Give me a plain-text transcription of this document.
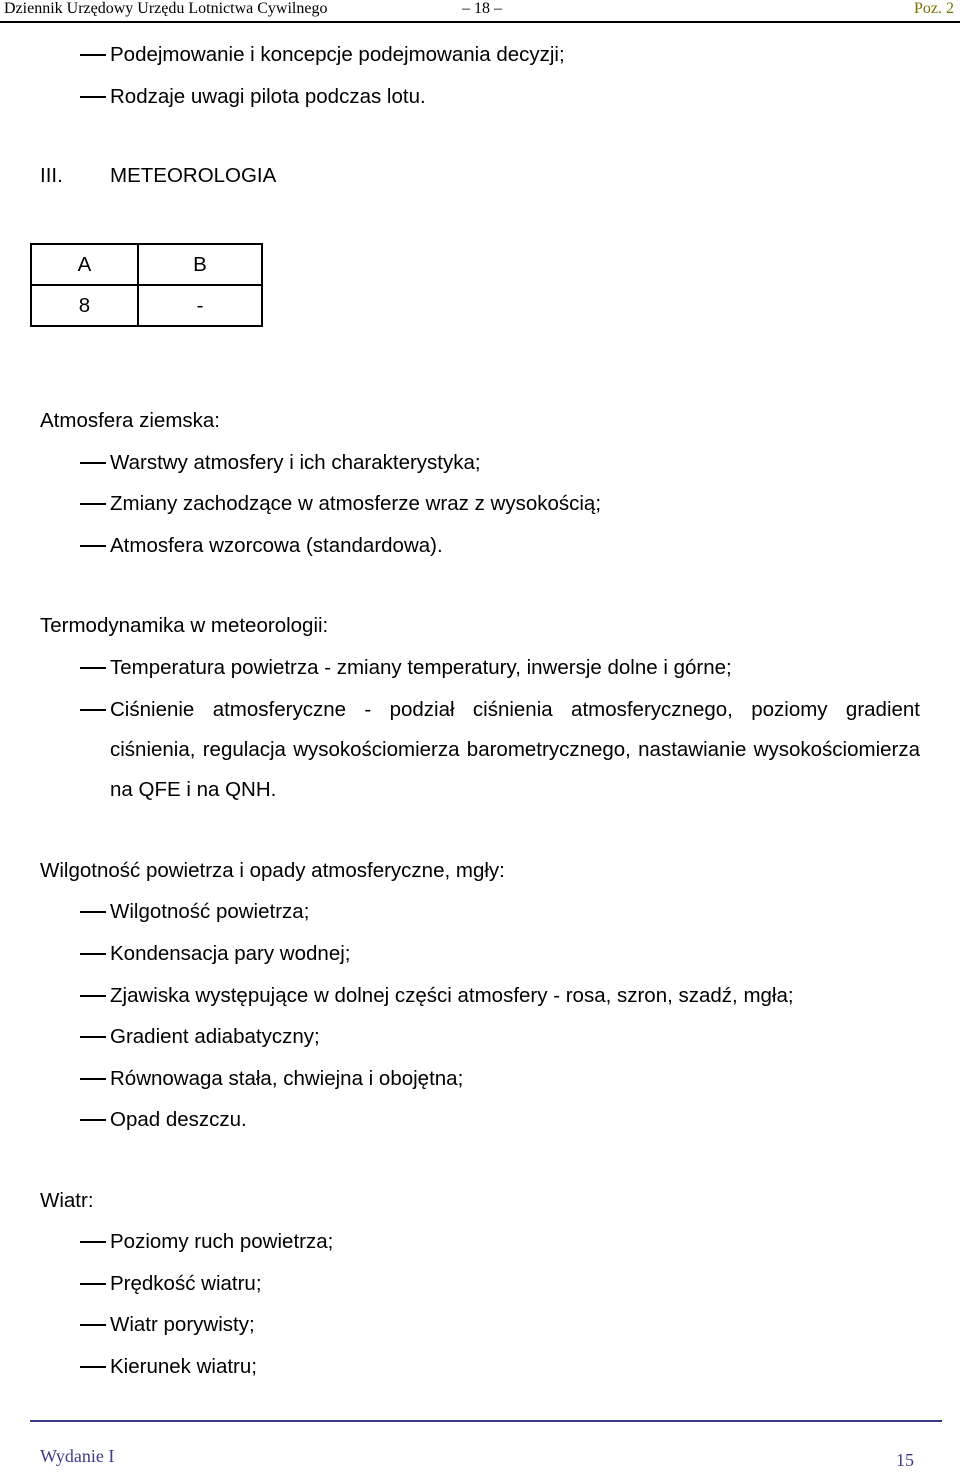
Dziennik Urzędowy Urzędu Lotnictwa Cywilnego	– 18 –	Poz. 2
Podejmowanie i koncepcje podejmowania decyzji;
Rodzaje uwagi pilota podczas lotu.
III. METEOROLOGIA
A	B
8	-
Atmosfera ziemska:
Warstwy atmosfery i ich charakterystyka;
Zmiany zachodzące w atmosferze wraz z wysokością;
Atmosfera wzorcowa (standardowa).
Termodynamika w meteorologii:
Temperatura powietrza - zmiany temperatury, inwersje dolne i górne;
Ciśnienie atmosferyczne - podział ciśnienia atmosferycznego, poziomy gradient ciśnienia, regulacja wysokościomierza barometrycznego, nastawianie wysokościomierza na QFE i na QNH.
Wilgotność powietrza i opady atmosferyczne, mgły:
Wilgotność powietrza;
Kondensacja pary wodnej;
Zjawiska występujące w dolnej części atmosfery - rosa, szron, szadź, mgła;
Gradient adiabatyczny;
Równowaga stała, chwiejna i obojętna;
Opad deszczu.
Wiatr:
Poziomy ruch powietrza;
Prędkość wiatru;
Wiatr porywisty;
Kierunek wiatru;
Wydanie I	15
